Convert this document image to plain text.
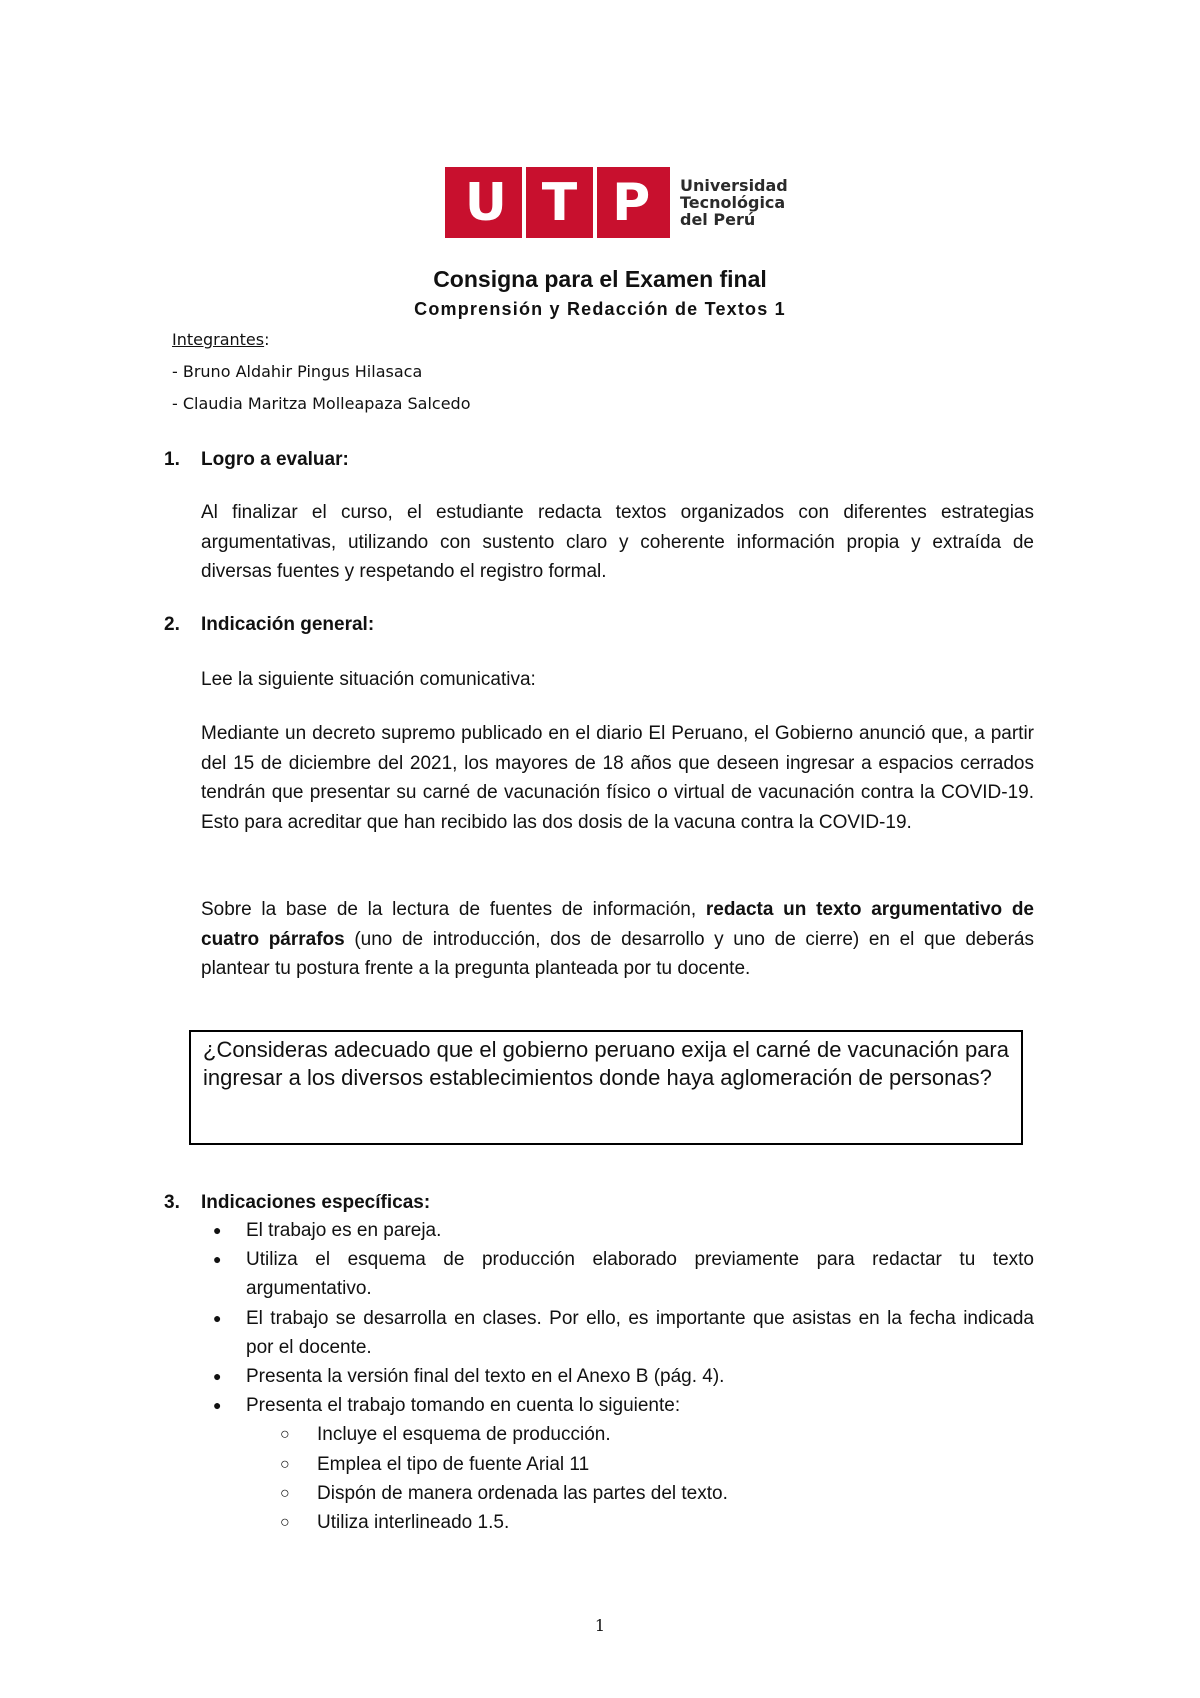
U T P Universidad
Tecnológica
del Perú
Consigna para el Examen final
Comprensión y Redacción de Textos 1
Integrantes:
- Bruno Aldahir Pingus Hilasaca
- Claudia Maritza Molleapaza Salcedo
1. Logro a evaluar:

Al finalizar el curso, el estudiante redacta textos organizados con diferentes estrategias argumentativas, utilizando con sustento claro y coherente información propia y extraída de diversas fuentes y respetando el registro formal.

2. Indicación general:

Lee la siguiente situación comunicativa:

Mediante un decreto supremo publicado en el diario El Peruano, el Gobierno anunció que, a partir del 15 de diciembre del 2021, los mayores de 18 años que deseen ingresar a espacios cerrados tendrán que presentar su carné de vacunación físico o virtual de vacunación contra la COVID-19. Esto para acreditar que han recibido las dos dosis de la vacuna contra la COVID-19.

Sobre la base de la lectura de fuentes de información, redacta un texto argumentativo de cuatro párrafos (uno de introducción, dos de desarrollo y uno de cierre) en el que deberás plantear tu postura frente a la pregunta planteada por tu docente.

¿Consideras adecuado que el gobierno peruano exija el carné de vacunación para ingresar a los diversos establecimientos donde haya aglomeración de personas?
3. Indicaciones específicas:
● El trabajo es en pareja.
● Utiliza el esquema de producción elaborado previamente para redactar tu texto argumentativo.
● El trabajo se desarrolla en clases. Por ello, es importante que asistas en la fecha indicada por el docente.
● Presenta la versión final del texto en el Anexo B (pág. 4).
● Presenta el trabajo tomando en cuenta lo siguiente:
○ Incluye el esquema de producción.
○ Emplea el tipo de fuente Arial 11
○ Dispón de manera ordenada las partes del texto.
○ Utiliza interlineado 1.5.
1
